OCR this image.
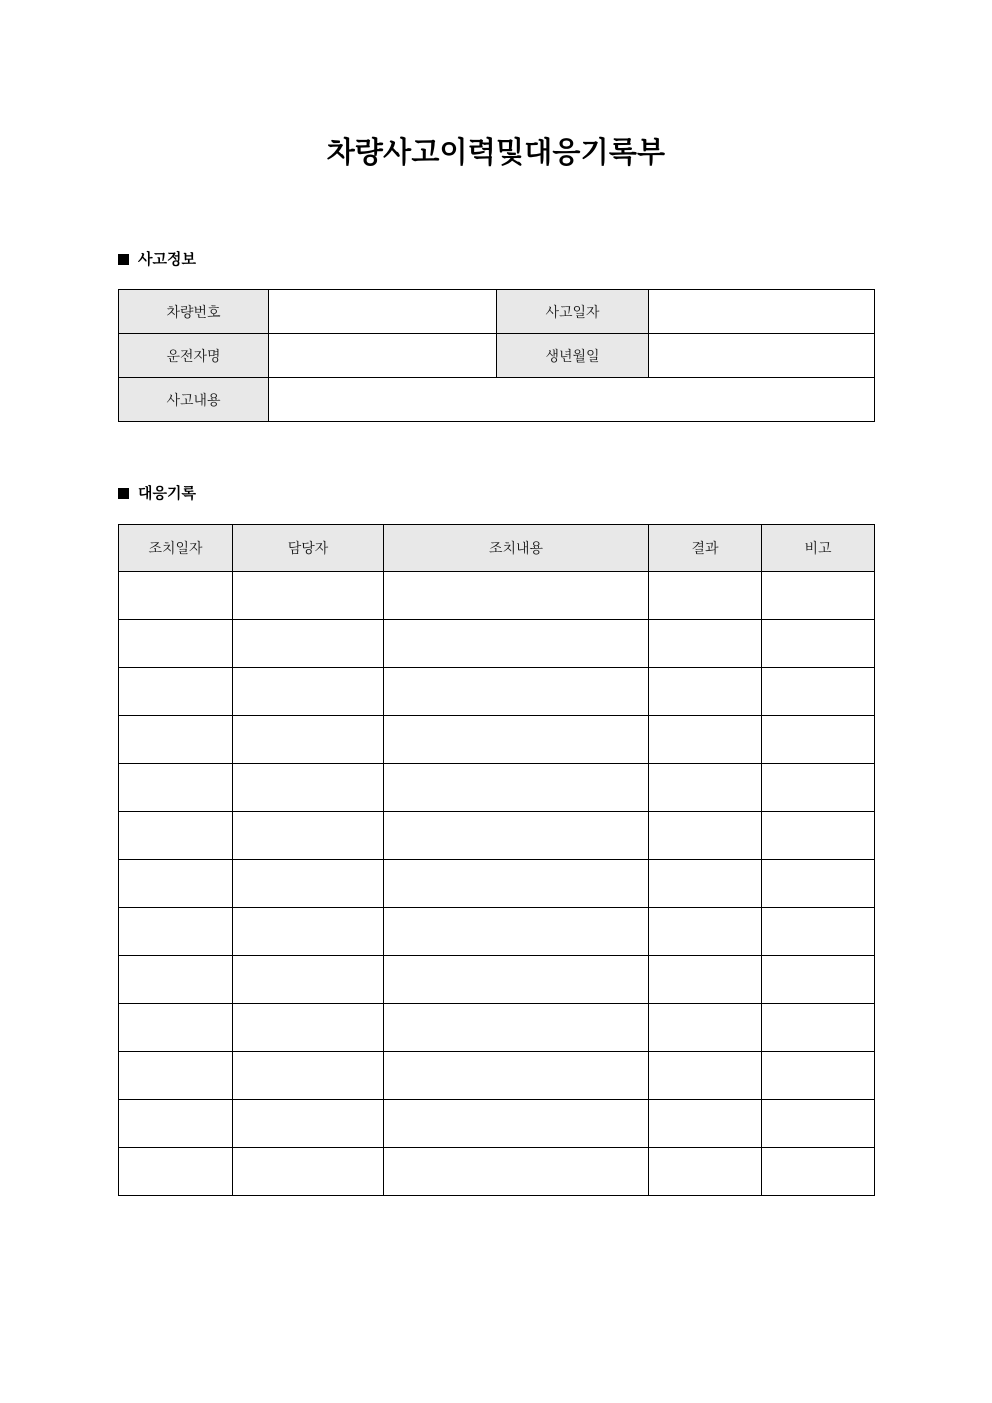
차량사고이력및대응기록부
사고정보
차량번호		사고일자	
운전자명		생년월일	
사고내용			
대응기록
조치일자	담당자	조치내용	결과	비고
